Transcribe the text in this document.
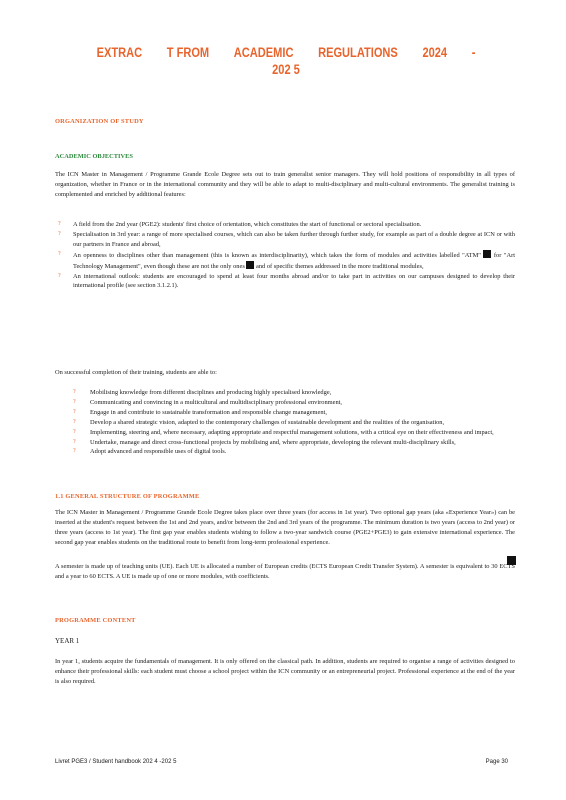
EXTRAC T FROM ACADEMIC REGULATIONS 2024 -
202 5
ORGANIZATION OF STUDY
ACADEMIC OBJECTIVES
The ICN Master in Management / Programme Grande Ecole Degree sets out to train generalist senior managers. They will hold positions of responsibility in all types of organization, whether in France or in the international community and they will be able to adapt to multi-disciplinary and multi-cultural environments. The generalist training is complemented and enriched by additional features:
? A field from the 2nd year (PGE2): students' first choice of orientation, which constitutes the start of functional or sectoral specialisation.
? Specialisation in 3rd year: a range of more specialised courses, which can also be taken further through further study, for example as part of a double degree at ICN or with our partners in France and abroad,
? An openness to disciplines other than management (this is known as interdisciplinarity), which takes the form of modules and activities labelled "ATM"  for "Art Technology Management", even though these are not the only ones  and of specific themes addressed in the more traditional modules,
? An international outlook: students are encouraged to spend at least four months abroad and/or to take part in activities on our campuses designed to develop their international profile (see section 3.1.2.1).
On successful completion of their training, students are able to:
? Mobilising knowledge from different disciplines and producing highly specialised knowledge,
? Communicating and convincing in a multicultural and multidisciplinary professional environment,
? Engage in and contribute to sustainable transformation and responsible change management,
? Develop a shared strategic vision, adapted to the contemporary challenges of sustainable development and the realities of the organisation,
? Implementing, steering and, where necessary, adapting appropriate and respectful management solutions, with a critical eye on their effectiveness and impact,
? Undertake, manage and direct cross-functional projects by mobilising and, where appropriate, developing the relevant multi-disciplinary skills,
? Adopt advanced and responsible uses of digital tools.
1.1 GENERAL STRUCTURE OF PROGRAMME
The ICN Master in Management / Programme Grande Ecole Degree takes place over three years (for access in 1st year). Two optional gap years (aka «Experience Year») can be inserted at the student's request between the 1st and 2nd years, and/or between the 2nd and 3rd years of the programme. The minimum duration is two years (access to 2nd year) or three years (access to 1st year). The first gap year enables students wishing to follow a two-year sandwich course (PGE2+PGE3) to gain extensive international experience. The second gap year enables students on the traditional route to benefit from long-term professional experience.
A semester is made up of teaching units (UE). Each UE is allocated a number of European credits (ECTS European Credit Transfer System). A semester is equivalent to 30 ECTS and a year to 60 ECTS. A UE is made up of one or more modules, with coefficients.
PROGRAMME CONTENT
YEAR 1
In year 1, students acquire the fundamentals of management. It is only offered on the classical path. In addition, students are required to organise a range of activities designed to enhance their professional skills: each student must choose a school project within the ICN community or an entrepreneurial project. Professional experience at the end of the year is also required.
Livret PGE3 / Student handbook 202 4 -202 5	Page 30
